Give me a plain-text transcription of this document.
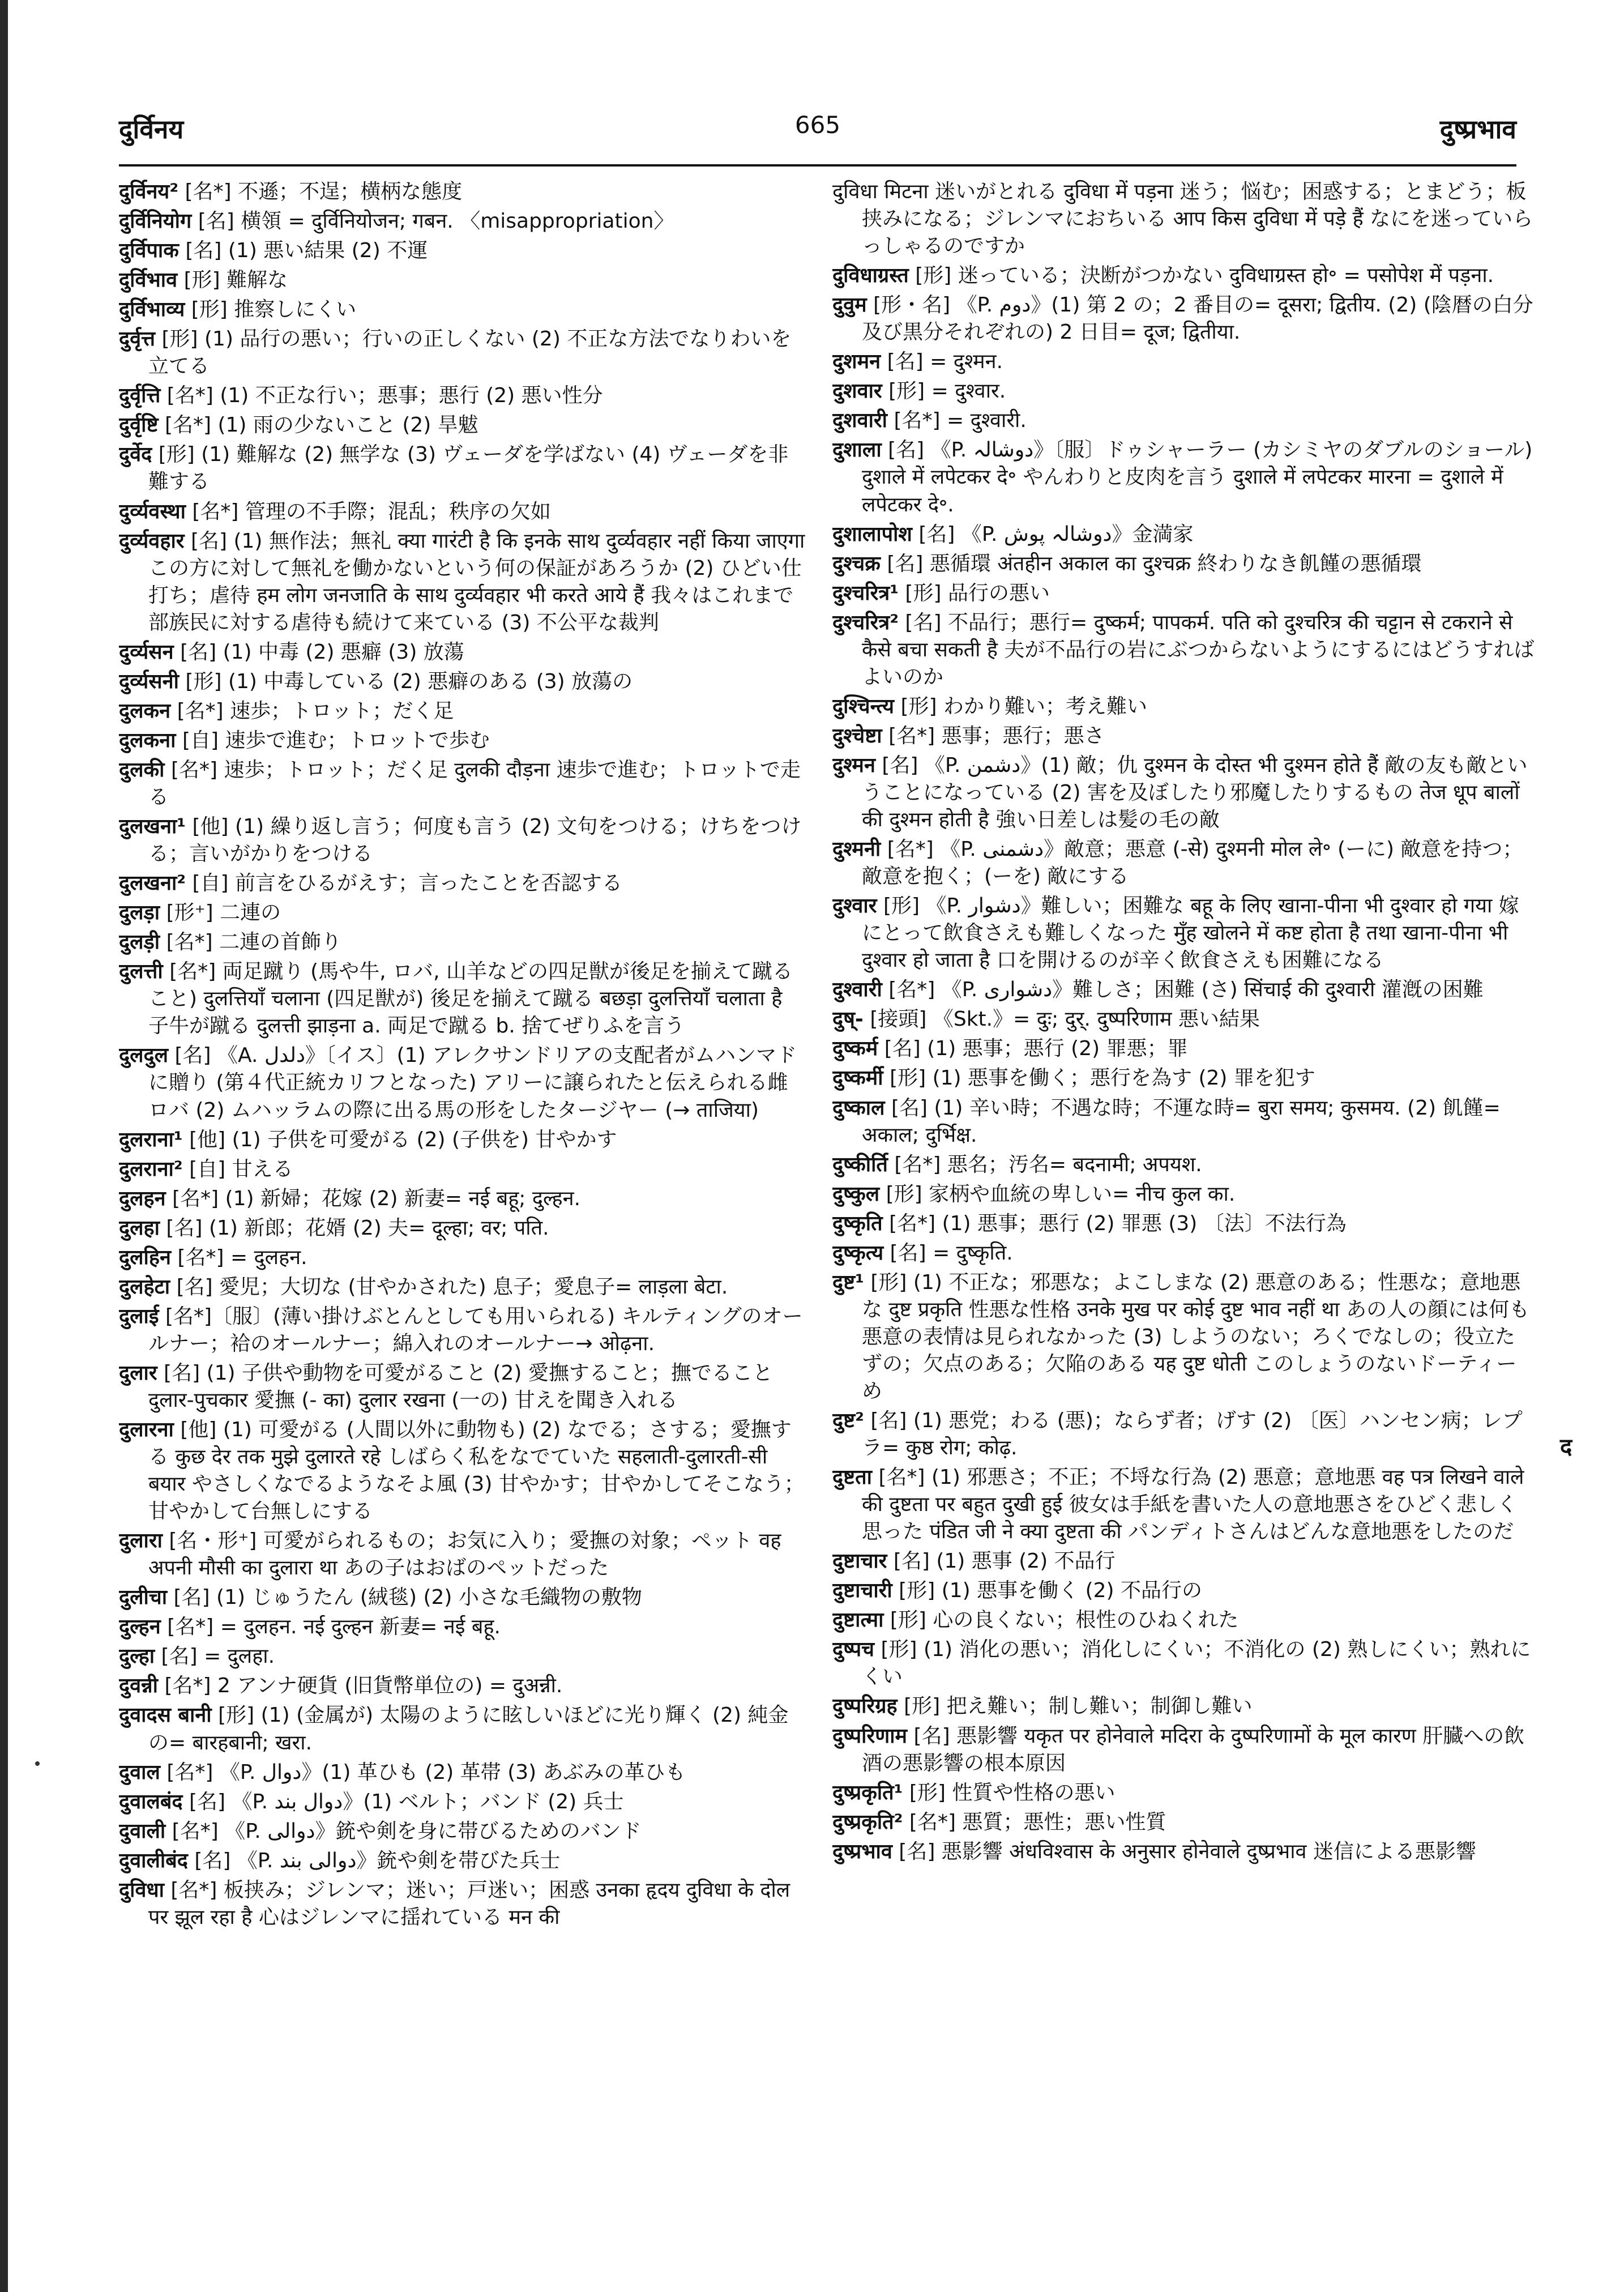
दुर्विनय	665	दुष्प्रभाव

दुर्विनय² [名*] 不遜；不逞；横柄な態度

दुर्विनियोग [名] 横領 = दुर्विनियोजन; गबन. 〈misappropriation〉

दुर्विपाक [名] (1) 悪い結果 (2) 不運

दुर्विभाव [形] 難解な

दुर्विभाव्य [形] 推察しにくい

दुर्वृत्त [形] (1) 品行の悪い；行いの正しくない (2) 不正な方法でなりわいを立てる

दुर्वृत्ति [名*] (1) 不正な行い；悪事；悪行 (2) 悪い性分

दुर्वृष्टि [名*] (1) 雨の少ないこと (2) 旱魃

दुर्वेद [形] (1) 難解な (2) 無学な (3) ヴェーダを学ばない (4) ヴェーダを非難する

दुर्व्यवस्था [名*] 管理の不手際；混乱；秩序の欠如

दुर्व्यवहार [名] (1) 無作法；無礼 क्या गारंटी है कि इनके साथ दुर्व्यवहार नहीं किया जाएगा この方に対して無礼を働かないという何の保証があろうか (2) ひどい仕打ち；虐待 हम लोग जनजाति के साथ दुर्व्यवहार भी करते आये हैं 我々はこれまで部族民に対する虐待も続けて来ている (3) 不公平な裁判

दुर्व्यसन [名] (1) 中毒 (2) 悪癖 (3) 放蕩

दुर्व्यसनी [形] (1) 中毒している (2) 悪癖のある (3) 放蕩の

दुलकन [名*] 速歩；トロット；だく足

दुलकना [自] 速歩で進む；トロットで歩む

दुलकी [名*] 速歩；トロット；だく足 दुलकी दौड़ना 速歩で進む；トロットで走る

दुलखना¹ [他] (1) 繰り返し言う；何度も言う (2) 文句をつける；けちをつける；言いがかりをつける

दुलखना² [自] 前言をひるがえす；言ったことを否認する

दुलड़ा [形⁺] 二連の

दुलड़ी [名*] 二連の首飾り

दुलत्ती [名*] 両足蹴り (馬や牛, ロバ, 山羊などの四足獣が後足を揃えて蹴ること) दुलत्तियाँ चलाना (四足獣が) 後足を揃えて蹴る बछड़ा दुलत्तियाँ चलाता है 子牛が蹴る दुलत्ती झाड़ना a. 両足で蹴る b. 捨てぜりふを言う

दुलदुल [名] 《A. دلدل》〔イス〕(1) アレクサンドリアの支配者がムハンマドに贈り (第４代正統カリフとなった) アリーに譲られたと伝えられる雌ロバ (2) ムハッラムの際に出る馬の形をしたタージヤー (→ ताजिया)

दुलराना¹ [他] (1) 子供を可愛がる (2) (子供を) 甘やかす

दुलराना² [自] 甘える

दुलहन [名*] (1) 新婦；花嫁 (2) 新妻= नई बहू; दुल्हन.

दुलहा [名] (1) 新郎；花婿 (2) 夫= दूल्हा; वर; पति.

दुलहिन [名*] = दुलहन.

दुलहेटा [名] 愛児；大切な (甘やかされた) 息子；愛息子= लाड़ला बेटा.

दुलाई [名*]〔服〕(薄い掛けぶとんとしても用いられる) キルティングのオールナー；袷のオールナー；綿入れのオールナー→ ओढ़ना.

दुलार [名] (1) 子供や動物を可愛がること (2) 愛撫すること；撫でること दुलार-पुचकार 愛撫 (- का) दुलार रखना (一の) 甘えを聞き入れる

दुलारना [他] (1) 可愛がる (人間以外に動物も) (2) なでる；さする；愛撫する कुछ देर तक मुझे दुलारते रहे しばらく私をなでていた सहलाती-दुलारती-सी बयार やさしくなでるようなそよ風 (3) 甘やかす；甘やかしてそこなう；甘やかして台無しにする

दुलारा [名・形⁺] 可愛がられるもの；お気に入り；愛撫の対象；ペット वह अपनी मौसी का दुलारा था あの子はおばのペットだった

दुलीचा [名] (1) じゅうたん (絨毯) (2) 小さな毛織物の敷物

दुल्हन [名*] = दुलहन. नई दुल्हन 新妻= नई बहू.

दुल्हा [名] = दुलहा.

दुवन्नी [名*] 2 アンナ硬貨 (旧貨幣単位の) = दुअन्नी.

दुवादस बानी [形] (1) (金属が) 太陽のように眩しいほどに光り輝く (2) 純金の= बारहबानी; खरा.

दुवाल [名*] 《P. دوال》(1) 革ひも (2) 革帯 (3) あぶみの革ひも

दुवालबंद [名] 《P. دوال بند》(1) ベルト；バンド (2) 兵士

दुवाली [名*] 《P. دوالی》銃や剣を身に帯びるためのバンド

दुवालीबंद [名] 《P. دوالی بند》銃や剣を帯びた兵士

दुविधा [名*] 板挟み；ジレンマ；迷い；戸迷い；困惑 उनका हृदय दुविधा के दोल पर झूल रहा है 心はジレンマに揺れている मन की

दुविधा मिटना 迷いがとれる दुविधा में पड़ना 迷う；悩む；困惑する；とまどう；板挟みになる；ジレンマにおちいる आप किस दुविधा में पड़े हैं なにを迷っていらっしゃるのですか

दुविधाग्रस्त [形] 迷っている；決断がつかない दुविधाग्रस्त हो॰ = पसोपेश में पड़ना.

दुवुम [形・名] 《P. دوم》(1) 第 2 の；2 番目の= दूसरा; द्वितीय. (2) (陰暦の白分及び黒分それぞれの) 2 日目= दूज; द्वितीया.

दुशमन [名] = दुश्मन.

दुशवार [形] = दुश्वार.

दुशवारी [名*] = दुश्वारी.

दुशाला [名] 《P. دوشالہ》〔服〕ドゥシャーラー (カシミヤのダブルのショール) दुशाले में लपेटकर दे॰ やんわりと皮肉を言う दुशाले में लपेटकर मारना = दुशाले में लपेटकर दे॰.

दुशालापोश [名] 《P. دوشالہ پوش》金満家

दुश्चक्र [名] 悪循環 अंतहीन अकाल का दुश्चक्र 終わりなき飢饉の悪循環

दुश्चरित्र¹ [形] 品行の悪い

दुश्चरित्र² [名] 不品行；悪行= दुष्कर्म; पापकर्म. पति को दुश्चरित्र की चट्टान से टकराने से कैसे बचा सकती है 夫が不品行の岩にぶつからないようにするにはどうすればよいのか

दुश्चिन्त्य [形] わかり難い；考え難い

दुश्चेष्टा [名*] 悪事；悪行；悪さ

दुश्मन [名] 《P. دشمن》(1) 敵；仇 दुश्मन के दोस्त भी दुश्मन होते हैं 敵の友も敵ということになっている (2) 害を及ぼしたり邪魔したりするもの तेज धूप बालों की दुश्मन होती है 強い日差しは髪の毛の敵

दुश्मनी [名*] 《P. دشمنی》敵意；悪意 (-से) दुश्मनी मोल ले॰ (ーに) 敵意を持つ；敵意を抱く；(ーを) 敵にする

दुश्वार [形] 《P. دشوار》難しい；困難な बहू के लिए खाना-पीना भी दुश्वार हो गया 嫁にとって飲食さえも難しくなった मुँह खोलने में कष्ट होता है तथा खाना-पीना भी दुश्वार हो जाता है 口を開けるのが辛く飲食さえも困難になる

दुश्वारी [名*] 《P. دشواری》難しさ；困難 (さ) सिंचाई की दुश्वारी 灌漑の困難

दुष्- [接頭] 《Skt.》= दुः; दुर्. दुष्परिणाम 悪い結果

दुष्कर्म [名] (1) 悪事；悪行 (2) 罪悪；罪

दुष्कर्मी [形] (1) 悪事を働く；悪行を為す (2) 罪を犯す

दुष्काल [名] (1) 辛い時；不遇な時；不運な時= बुरा समय; कुसमय. (2) 飢饉= अकाल; दुर्भिक्ष.

दुष्कीर्ति [名*] 悪名；汚名= बदनामी; अपयश.

दुष्कुल [形] 家柄や血統の卑しい= नीच कुल का.

दुष्कृति [名*] (1) 悪事；悪行 (2) 罪悪 (3) 〔法〕不法行為

दुष्कृत्य [名] = दुष्कृति.

दुष्ट¹ [形] (1) 不正な；邪悪な；よこしまな (2) 悪意のある；性悪な；意地悪な दुष्ट प्रकृति 性悪な性格 उनके मुख पर कोई दुष्ट भाव नहीं था あの人の顔には何も悪意の表情は見られなかった (3) しようのない；ろくでなしの；役立たずの；欠点のある；欠陥のある यह दुष्ट धोती このしょうのないドーティーめ

दुष्ट² [名] (1) 悪党；わる (悪)；ならず者；げす (2) 〔医〕ハンセン病；レプラ= कुष्ठ रोग; कोढ़.

दुष्टता [名*] (1) 邪悪さ；不正；不埒な行為 (2) 悪意；意地悪 वह पत्र लिखने वाले की दुष्टता पर बहुत दुखी हुई 彼女は手紙を書いた人の意地悪さをひどく悲しく思った पंडित जी ने क्या दुष्टता की パンディトさんはどんな意地悪をしたのだ

दुष्टाचार [名] (1) 悪事 (2) 不品行

दुष्टाचारी [形] (1) 悪事を働く (2) 不品行の

दुष्टात्मा [形] 心の良くない；根性のひねくれた

दुष्पच [形] (1) 消化の悪い；消化しにくい；不消化の (2) 熟しにくい；熟れにくい

दुष्परिग्रह [形] 把え難い；制し難い；制御し難い

दुष्परिणाम [名] 悪影響 यकृत पर होनेवाले मदिरा के दुष्परिणामों के मूल कारण 肝臓への飲酒の悪影響の根本原因

दुष्प्रकृति¹ [形] 性質や性格の悪い

दुष्प्रकृति² [名*] 悪質；悪性；悪い性質

दुष्प्रभाव [名] 悪影響 अंधविश्वास के अनुसार होनेवाले दुष्प्रभाव 迷信による悪影響

द
